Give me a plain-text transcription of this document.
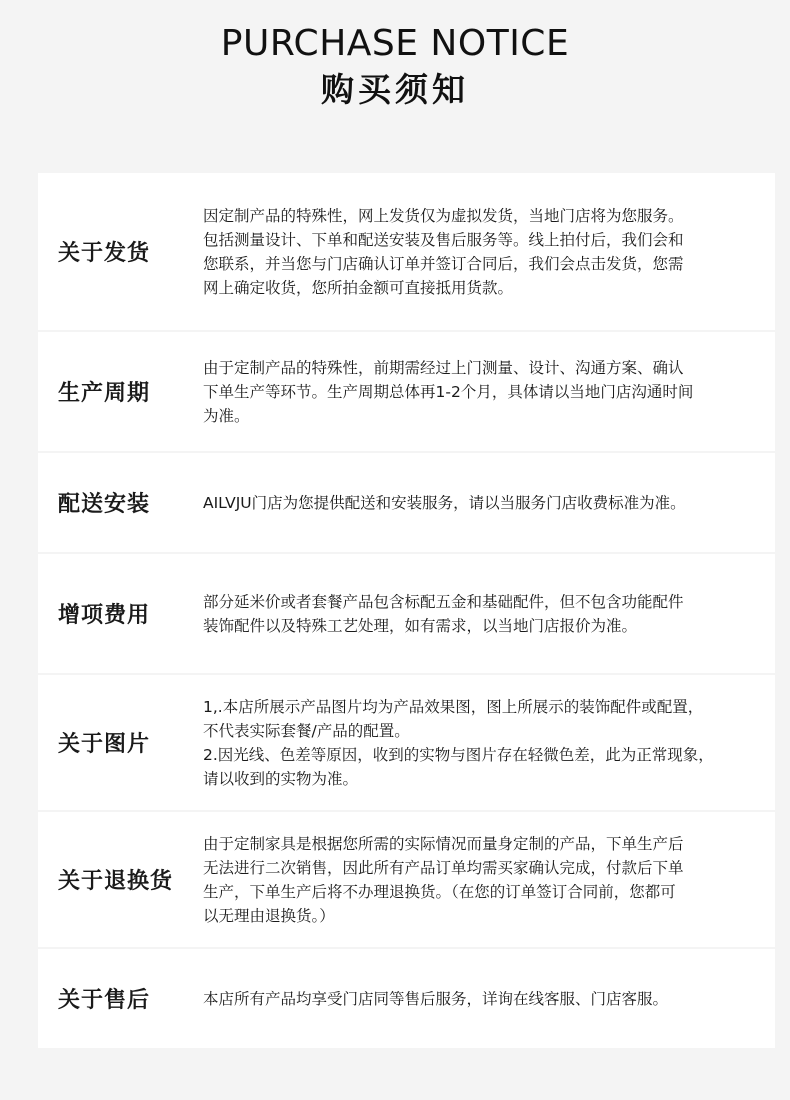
PURCHASE NOTICE
购买须知
关于发货
因定制产品的特殊性，网上发货仅为虚拟发货，当地门店将为您服务。
包括测量设计、下单和配送安装及售后服务等。线上拍付后，我们会和
您联系，并当您与门店确认订单并签订合同后，我们会点击发货，您需
网上确定收货，您所拍金额可直接抵用货款。
生产周期
由于定制产品的特殊性，前期需经过上门测量、设计、沟通方案、确认
下单生产等环节。生产周期总体再1-2个月，具体请以当地门店沟通时间
为准。
配送安装	AILVJU门店为您提供配送和安装服务，请以当服务门店收费标准为准。
增项费用
部分延米价或者套餐产品包含标配五金和基础配件，但不包含功能配件
装饰配件以及特殊工艺处理，如有需求，以当地门店报价为准。
关于图片
1,.本店所展示产品图片均为产品效果图，图上所展示的装饰配件或配置，
不代表实际套餐/产品的配置。
2.因光线、色差等原因，收到的实物与图片存在轻微色差，此为正常现象，
请以收到的实物为准。
关于退换货
由于定制家具是根据您所需的实际情况而量身定制的产品，下单生产后
无法进行二次销售，因此所有产品订单均需买家确认完成，付款后下单
生产，下单生产后将不办理退换货。（在您的订单签订合同前，您都可
以无理由退换货。）
关于售后	本店所有产品均享受门店同等售后服务，详询在线客服、门店客服。
